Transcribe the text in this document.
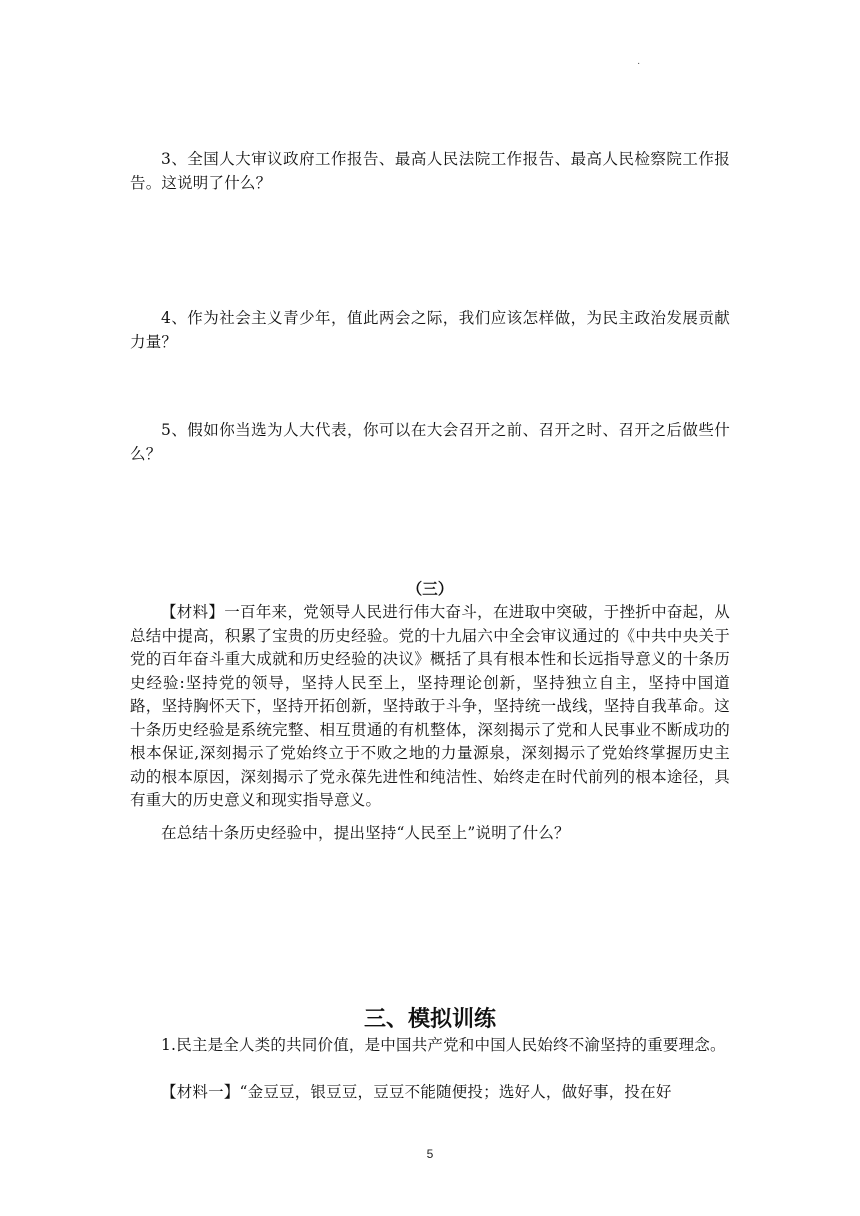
·

3、全国人大审议政府工作报告、最高人民法院工作报告、最高人民检察院工作报告。这说明了什么？

4、作为社会主义青少年，值此两会之际，我们应该怎样做，为民主政治发展贡献力量？

5、假如你当选为人大代表，你可以在大会召开之前、召开之时、召开之后做些什么？

（三）

【材料】一百年来，党领导人民进行伟大奋斗，在进取中突破，于挫折中奋起，从总结中提高，积累了宝贵的历史经验。党的十九届六中全会审议通过的《中共中央关于党的百年奋斗重大成就和历史经验的决议》概括了具有根本性和长远指导意义的十条历史经验:坚持党的领导，坚持人民至上，坚持理论创新，坚持独立自主，坚持中国道路，坚持胸怀天下，坚持开拓创新，坚持敢于斗争，坚持统一战线，坚持自我革命。这十条历史经验是系统完整、相互贯通的有机整体，深刻揭示了党和人民事业不断成功的根本保证,深刻揭示了党始终立于不败之地的力量源泉，深刻揭示了党始终掌握历史主动的根本原因，深刻揭示了党永葆先进性和纯洁性、始终走在时代前列的根本途径，具有重大的历史意义和现实指导意义。

在总结十条历史经验中，提出坚持“人民至上”说明了什么？

三、模拟训练

1.民主是全人类的共同价值，是中国共产党和中国人民始终不渝坚持的重要理念。

【材料一】“金豆豆，银豆豆，豆豆不能随便投；选好人，做好事，投在好

5
